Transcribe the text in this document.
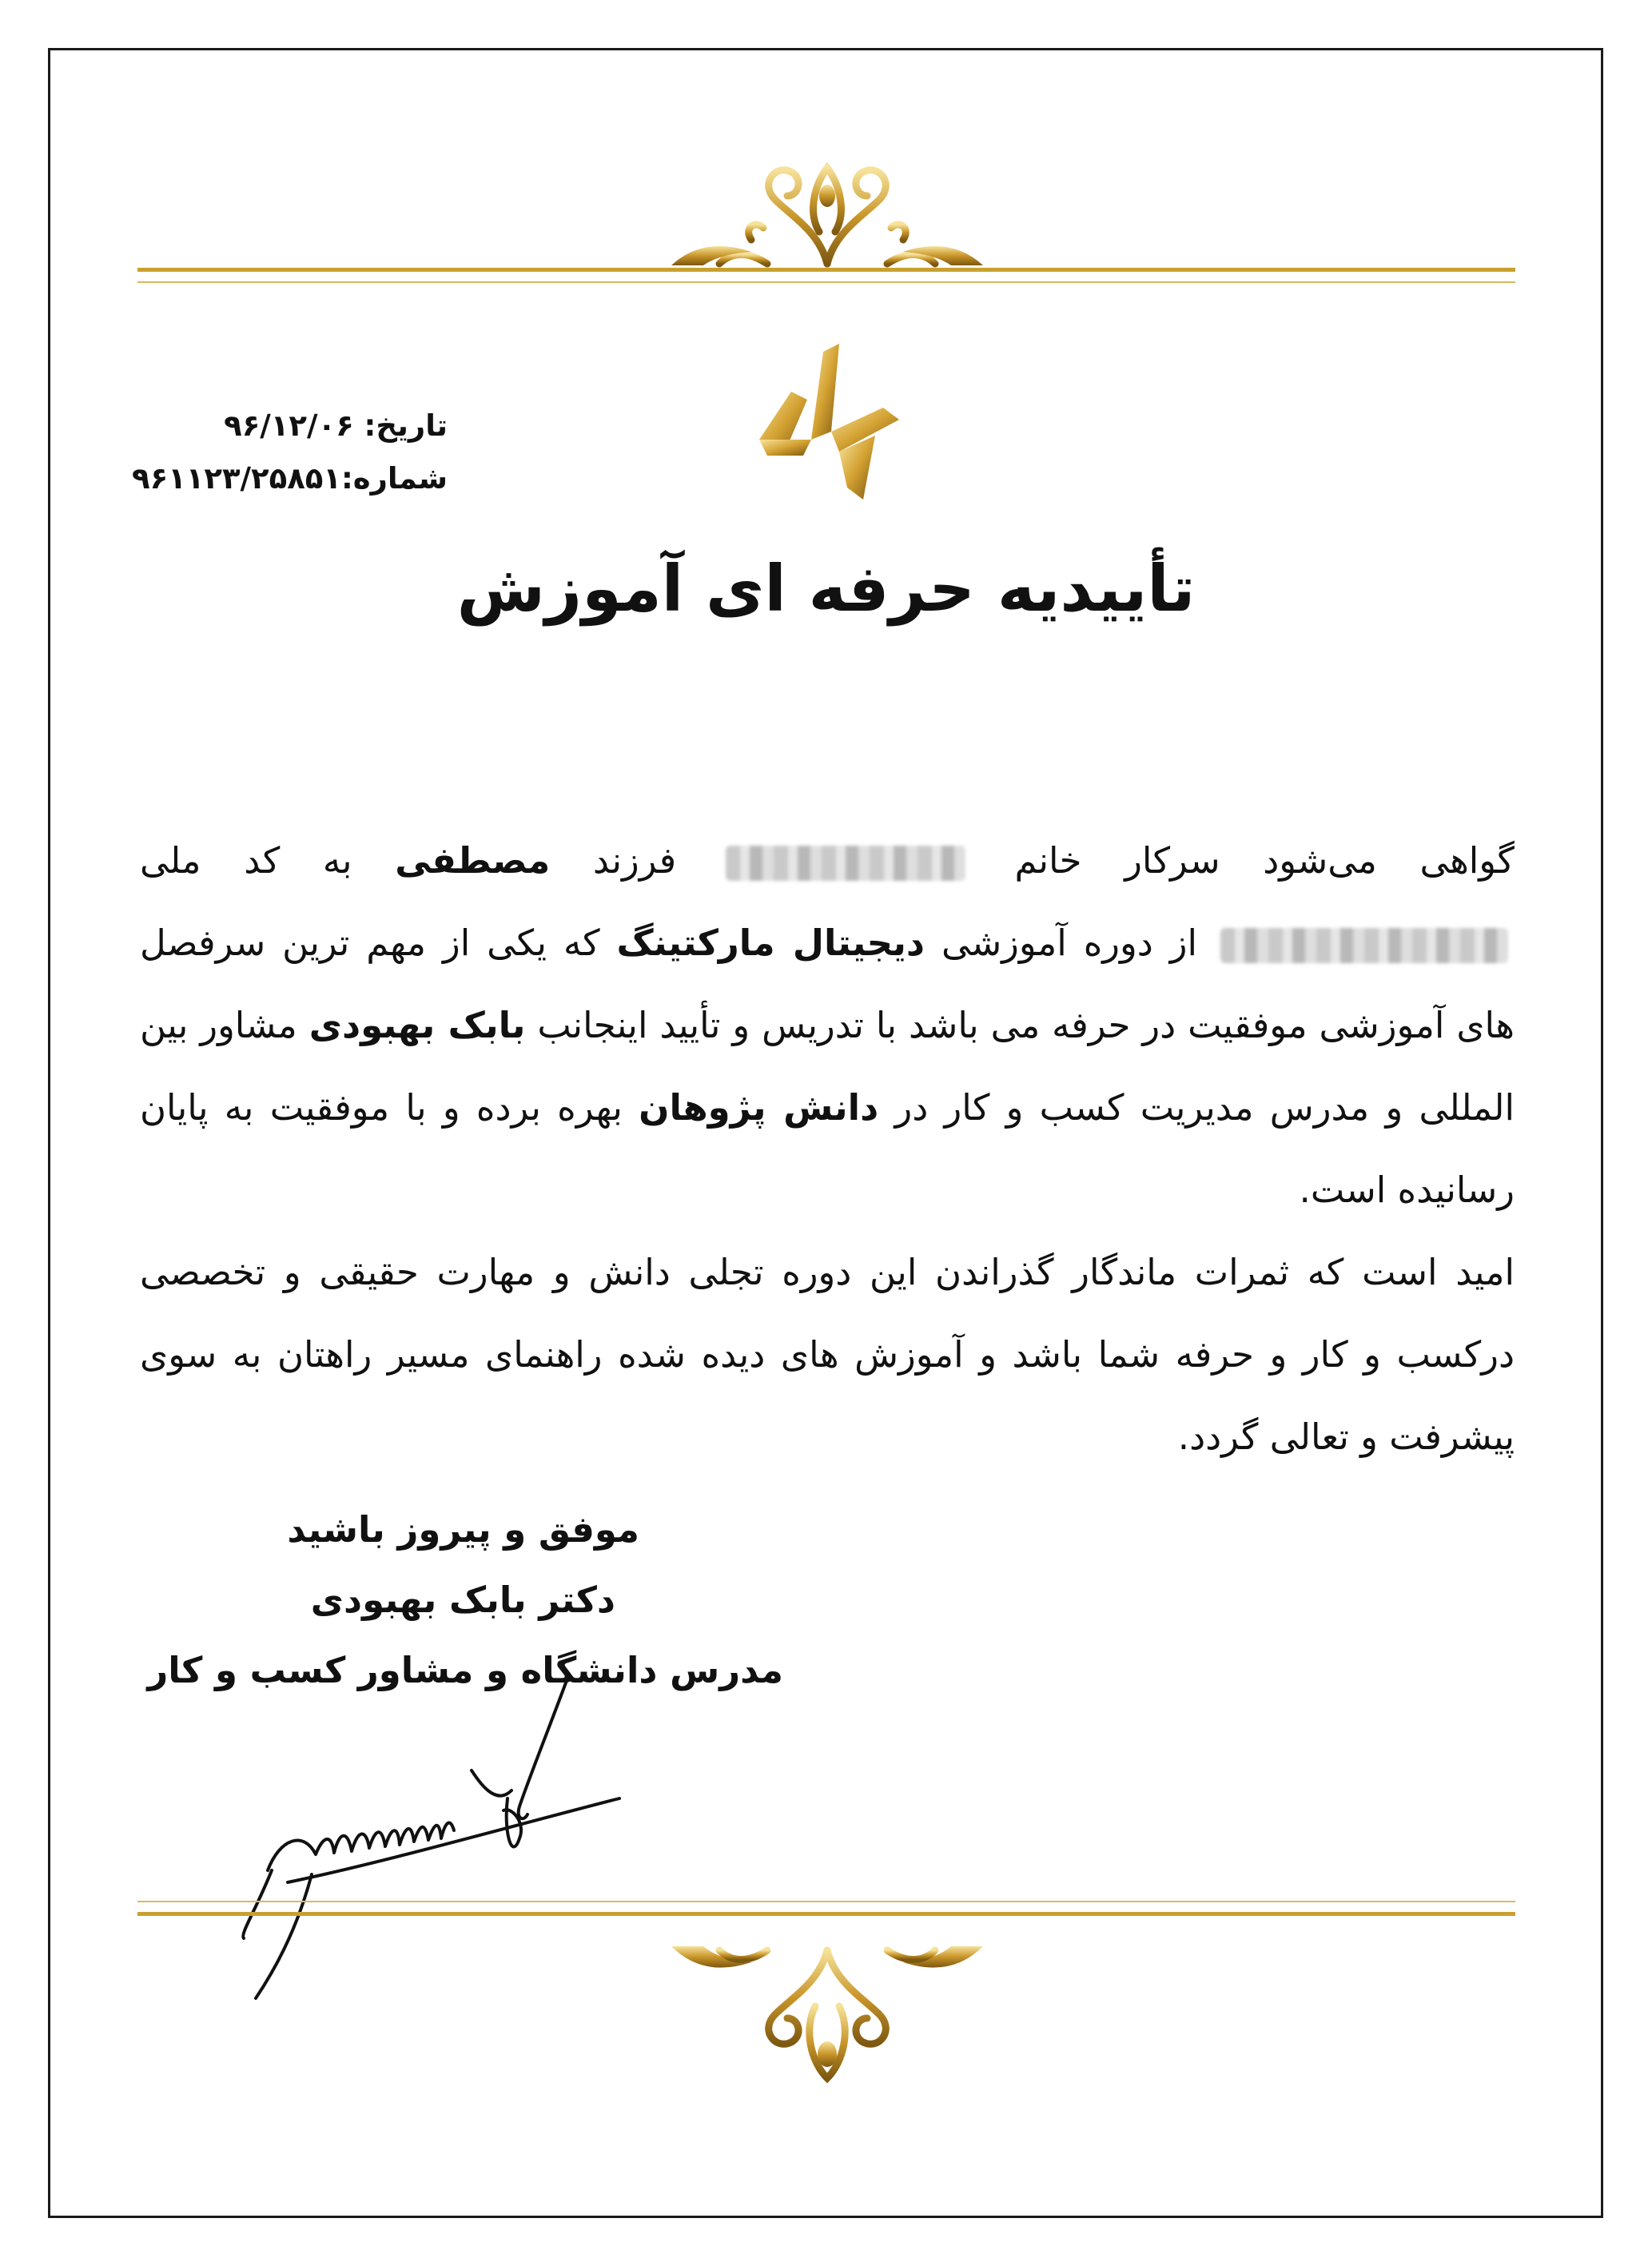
تاریخ: ۹۶/۱۲/۰۶
شماره:۹۶۱۱۲۳/۲۵۸۵۱
تأییدیه حرفه ای آموزش

گواهی می‌شود سرکار خانم  فرزند مصطفی به کد ملی  از دوره آموزشی دیجیتال مارکتینگ که یکی از مهم ترین سرفصل های آموزشی موفقیت در حرفه می باشد با تدریس و تأیید اینجانب بابک بهبودی مشاور بین المللی و مدرس مدیریت کسب و کار در دانش پژوهان بهره برده و با موفقیت به پایان رسانیده است.

امید است که ثمرات ماندگار گذراندن این دوره تجلی دانش و مهارت حقیقی و تخصصی درکسب و کار و حرفه شما باشد و آموزش های دیده شده راهنمای مسیر راهتان به سوی پیشرفت و تعالی گردد.

موفق و پیروز باشید
دکتر بابک بهبودی
مدرس دانشگاه و مشاور کسب و کار
